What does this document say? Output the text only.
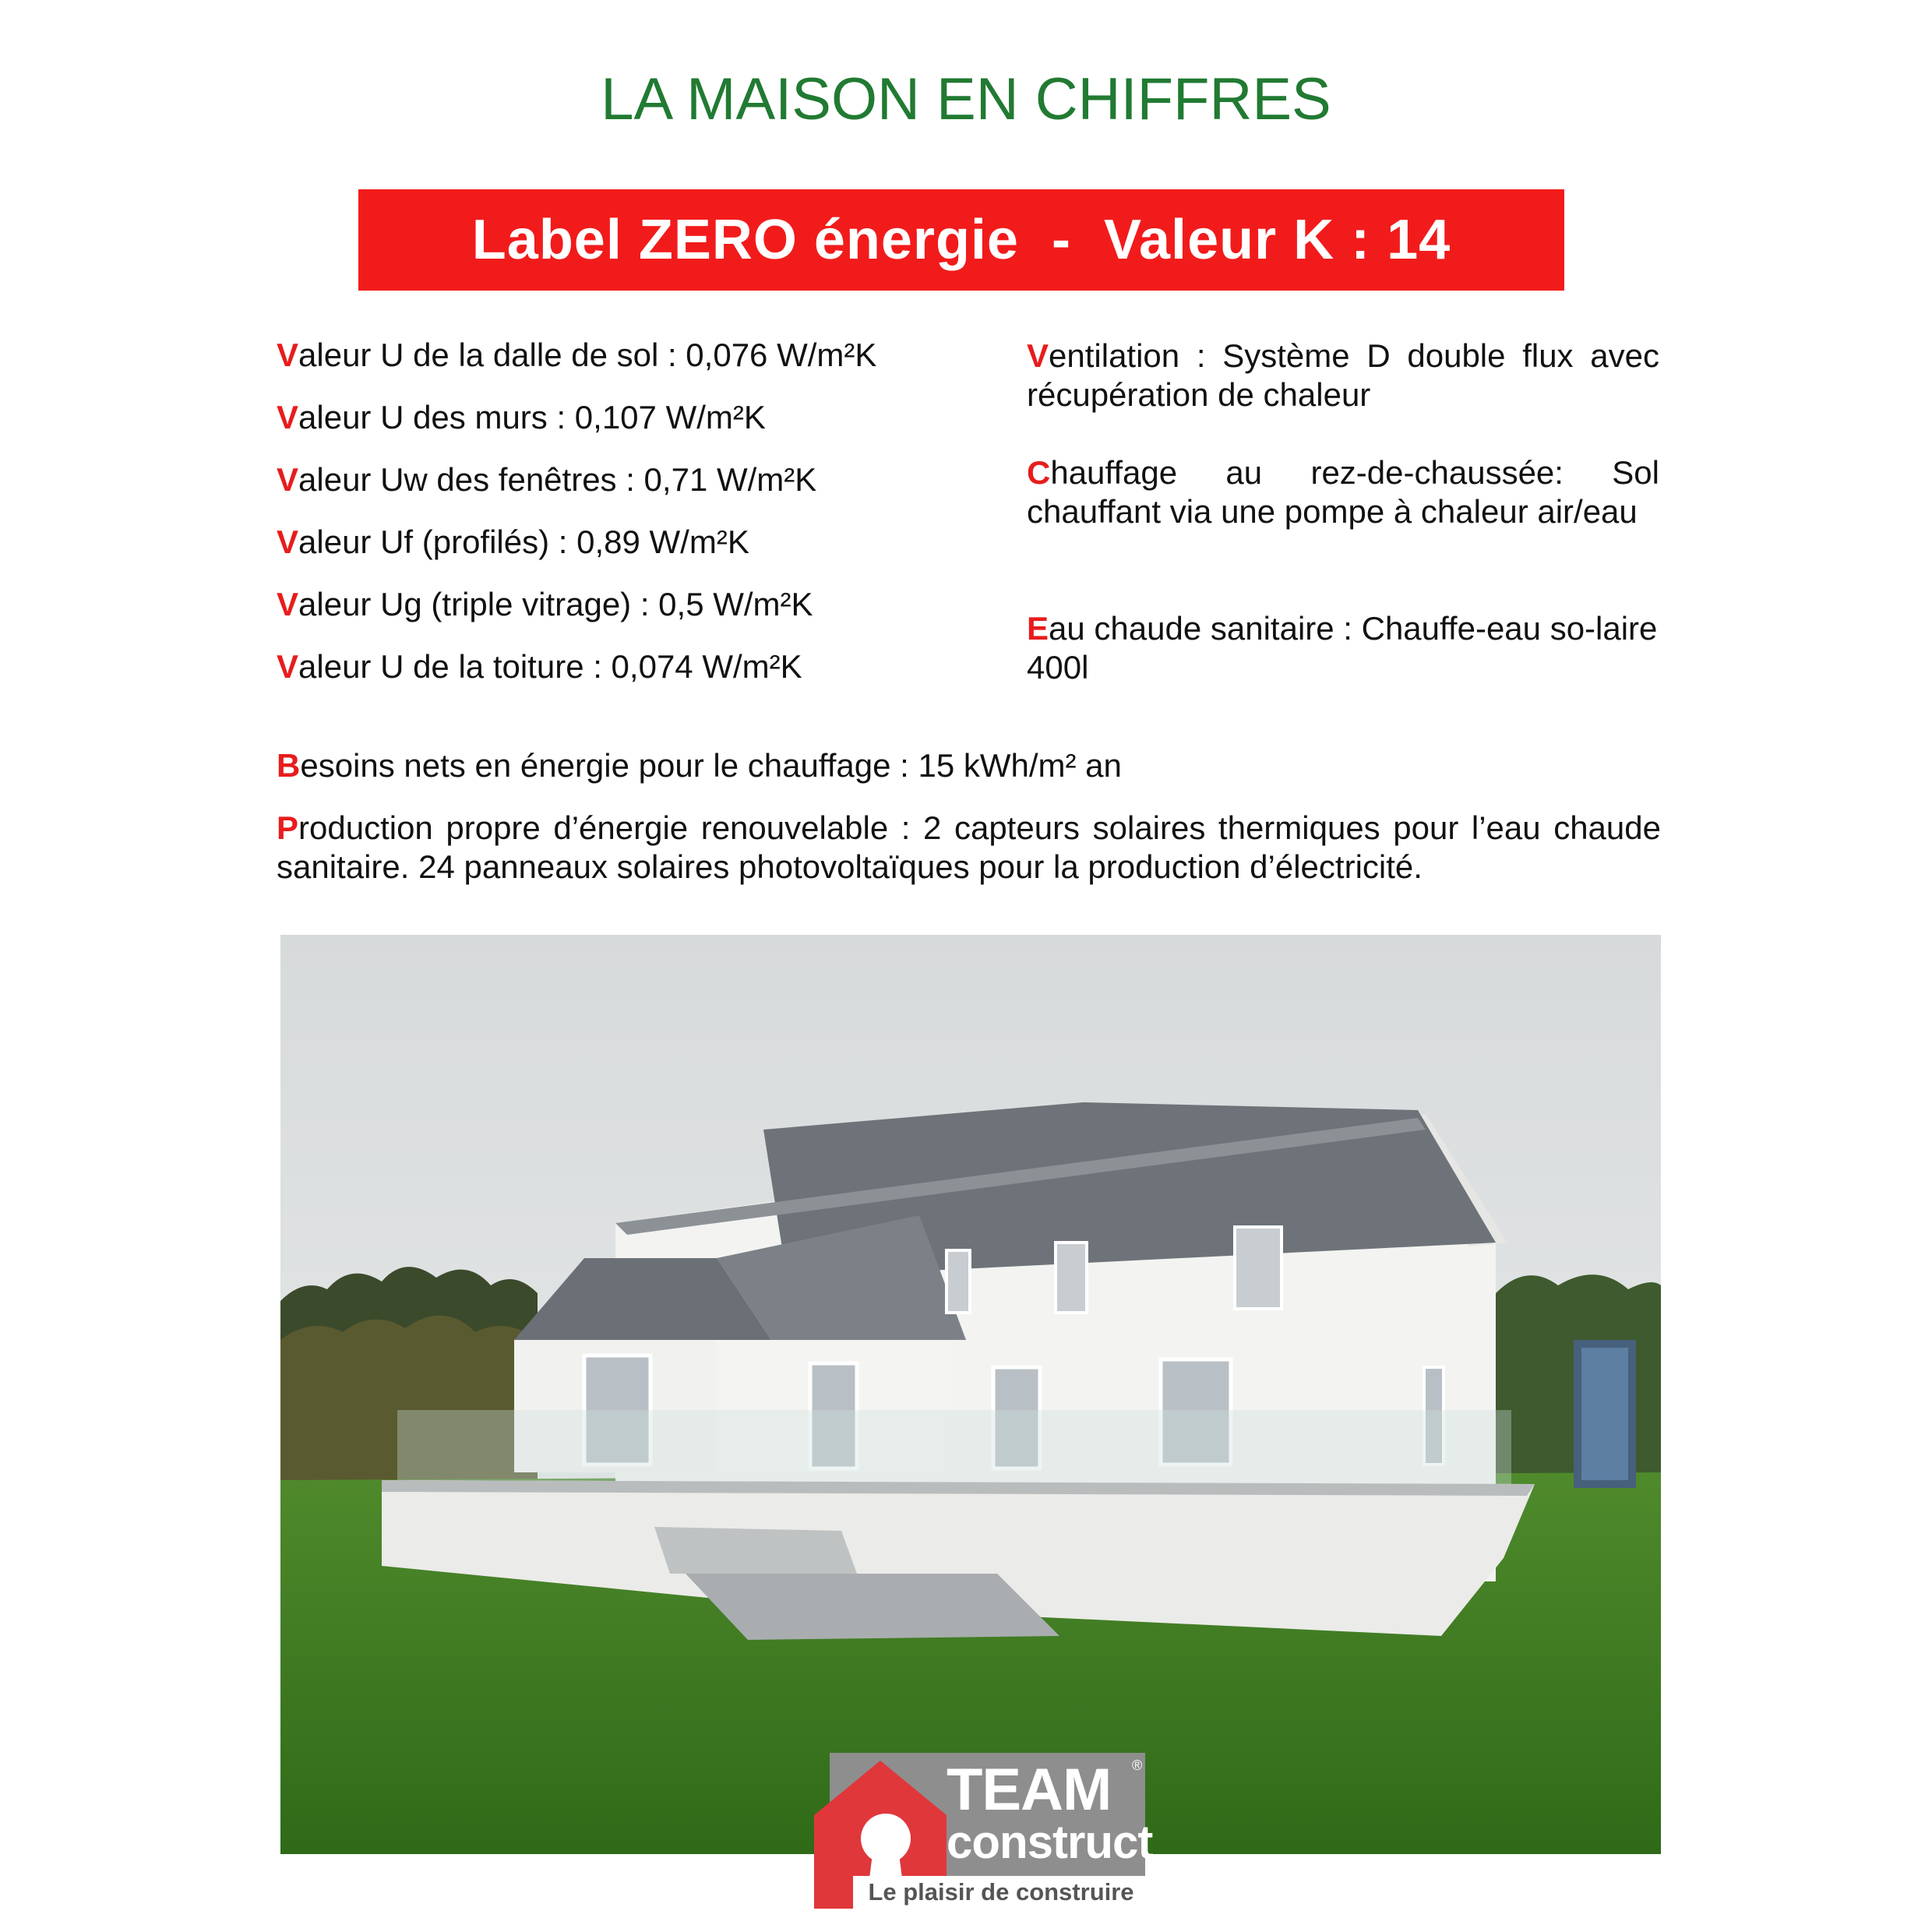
LA MAISON EN CHIFFRES
Label ZERO énergie  -  Valeur K : 14
Valeur U de la dalle de sol : 0,076 W/m²K
Valeur U des murs : 0,107 W/m²K
Valeur Uw des fenêtres : 0,71 W/m²K
Valeur Uf (profilés) : 0,89 W/m²K
Valeur Ug (triple vitrage) : 0,5 W/m²K
Valeur U de la toiture : 0,074 W/m²K
Ventilation : Système D double flux avec récupération de chaleur
Chauffage au rez-de-chaussée: Sol chauffant via une pompe à chaleur air/eau
Eau chaude sanitaire : Chauffe-eau so-laire 400l
Besoins nets en énergie pour le chauffage : 15 kWh/m² an
Production propre d’énergie renouvelable : 2 capteurs solaires thermiques pour l’eau chaude sanitaire. 24 panneaux solaires photovoltaïques pour la production d’électricité.
TEAM ®
construct
Le plaisir de construire
